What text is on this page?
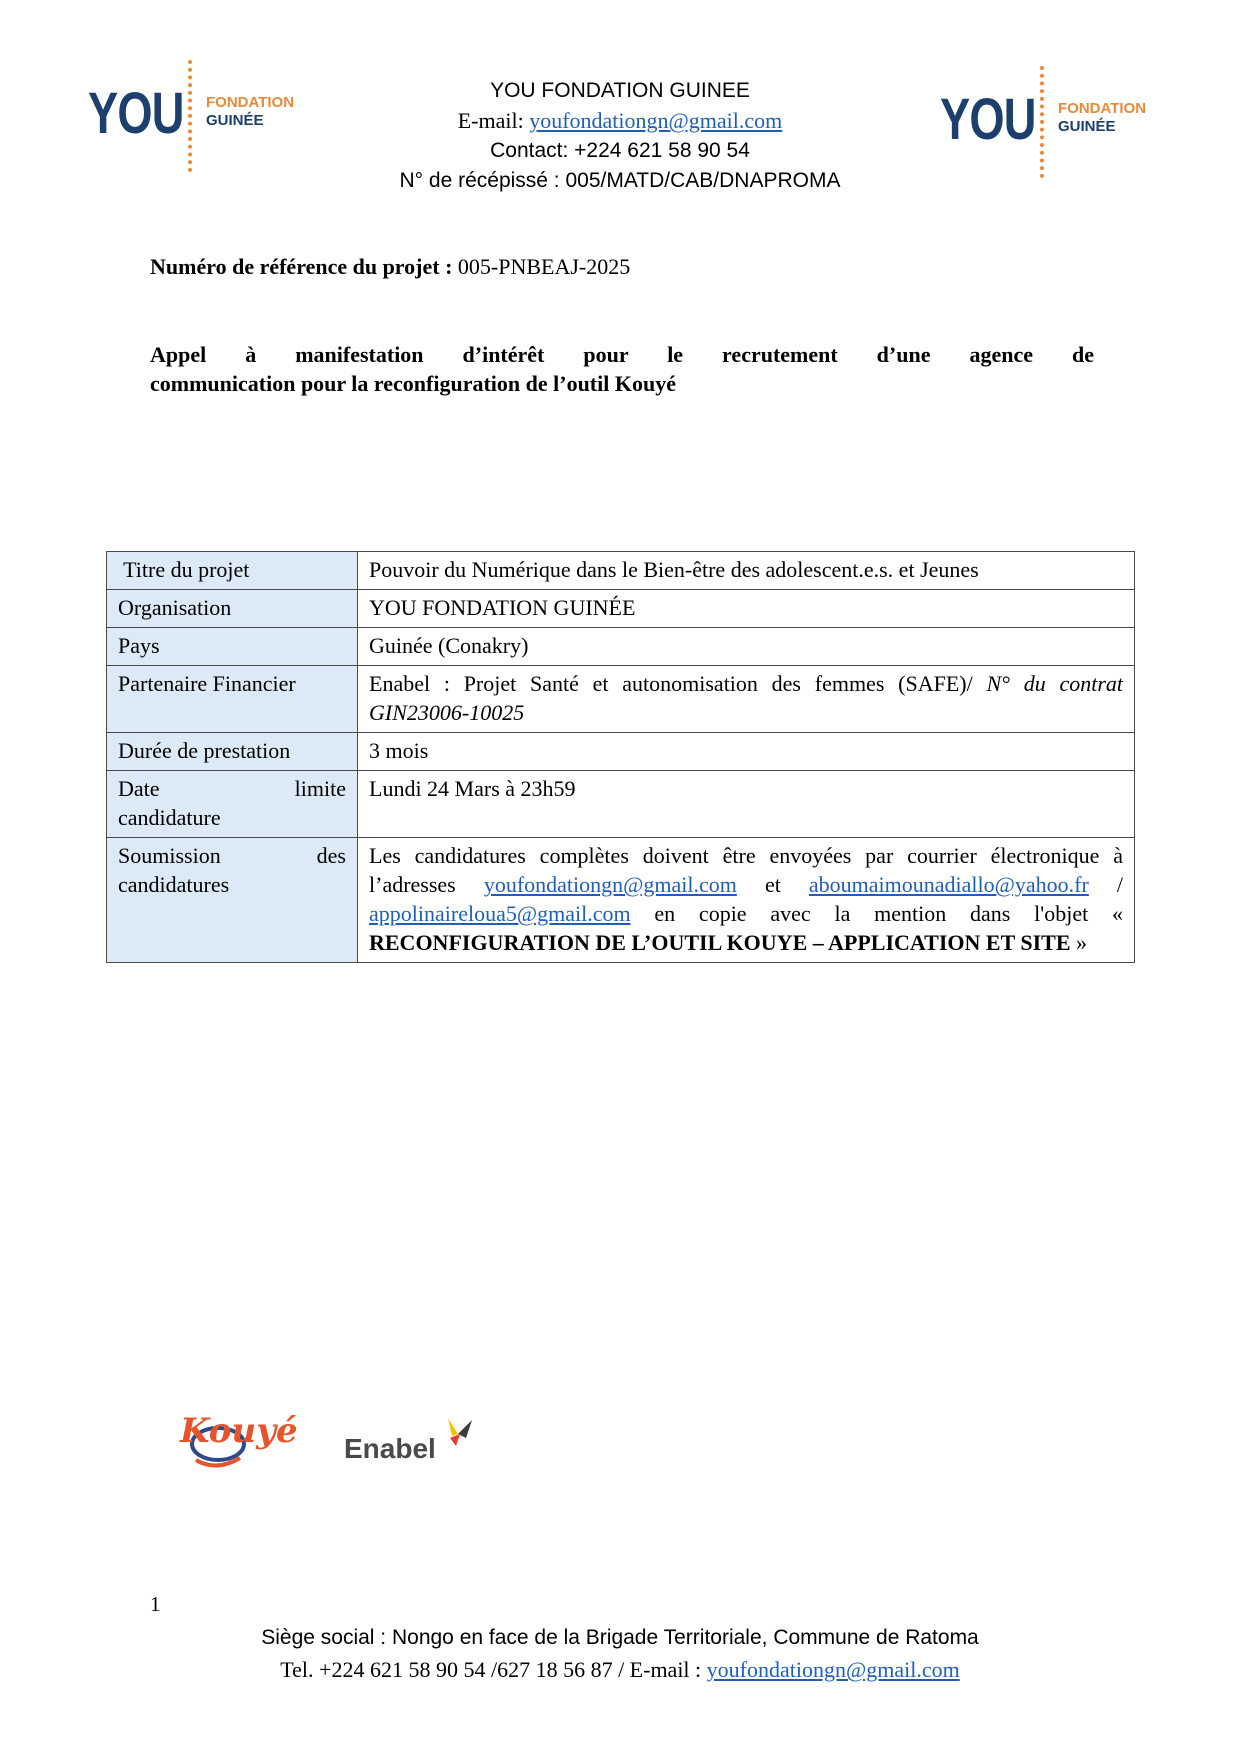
YOU FONDATION
GUINÉE	YOU FONDATION
GUINÉE
YOU FONDATION GUINEE
E-mail: youfondationgn@gmail.com
Contact: +224 621 58 90 54
N° de récépissé : 005/MATD/CAB/DNAPROMA
Numéro de référence du projet : 005-PNBEAJ-2025
Appel à manifestation d’intérêt pour le recrutement d’une agence de
communication pour la reconfiguration de l’outil Kouyé
Titre du projet	Pouvoir du Numérique dans le Bien-être des adolescent.e.s. et Jeunes
Organisation	YOU FONDATION GUINÉE
Pays	Guinée (Conakry)
Partenaire Financier	Enabel : Projet Santé et autonomisation des femmes (SAFE)/ N° du contrat GIN23006-10025
Durée de prestation	3 mois

Date limite
candidature	Lundi 24 Mars à 23h59

Soumission des
candidatures	Les candidatures complètes doivent être envoyées par courrier électronique à l’adresses youfondationgn@gmail.com et aboumaimounadiallo@yahoo.fr / appolinaireloua5@gmail.com en copie avec la mention dans l'objet « RECONFIGURATION DE L’OUTIL KOUYE – APPLICATION ET SITE »
Kouyé Enabel
1
Siège social : Nongo en face de la Brigade Territoriale, Commune de Ratoma
Tel. +224 621 58 90 54 /627 18 56 87 / E-mail : youfondationgn@gmail.com
